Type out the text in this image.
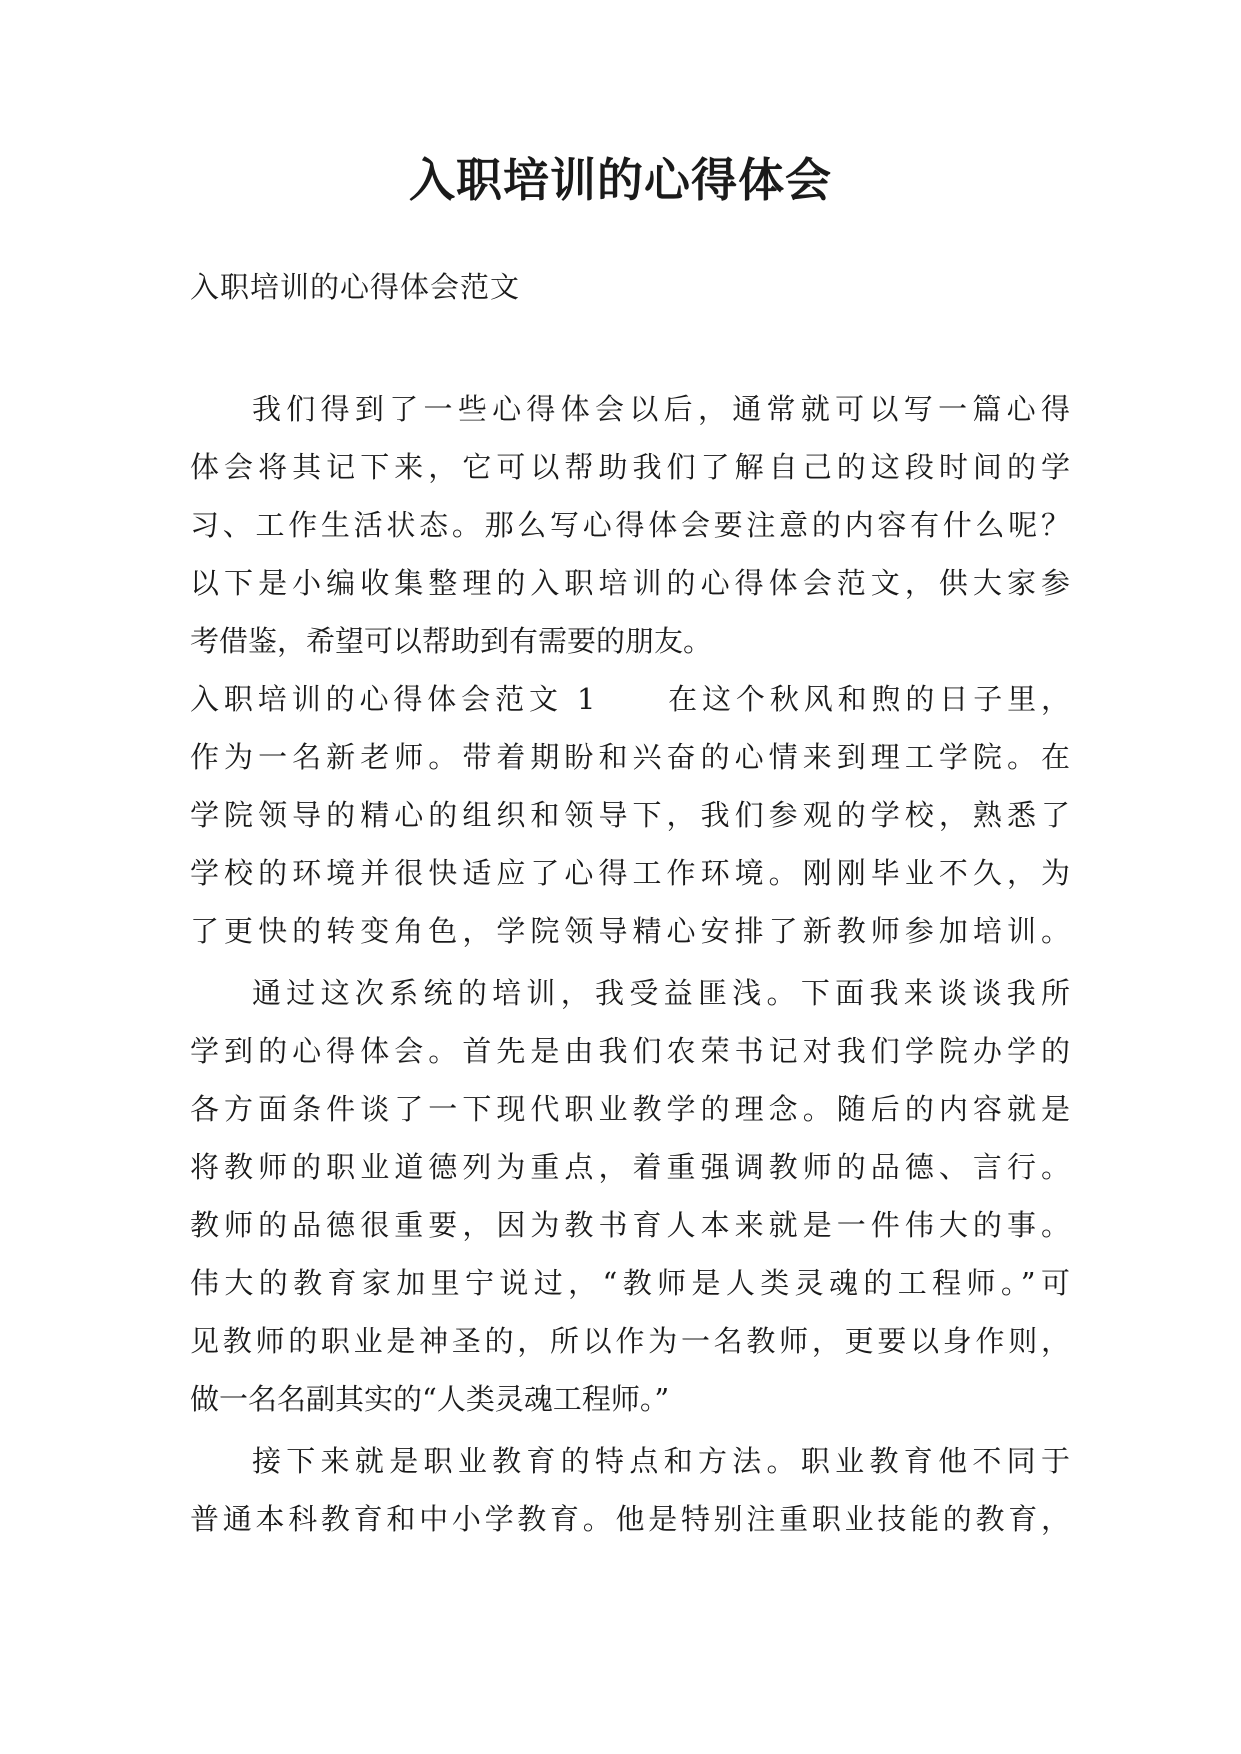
入职培训的心得体会

入职培训的心得体会范文

我们得到了一些心得体会以后，通常就可以写一篇心得

体会将其记下来，它可以帮助我们了解自己的这段时间的学

习、工作生活状态。那么写心得体会要注意的内容有什么呢？

以下是小编收集整理的入职培训的心得体会范文，供大家参

考借鉴，希望可以帮助到有需要的朋友。

入职培训的心得体会范文 1　　在这个秋风和煦的日子里，

作为一名新老师。带着期盼和兴奋的心情来到理工学院。在

学院领导的精心的组织和领导下，我们参观的学校，熟悉了

学校的环境并很快适应了心得工作环境。刚刚毕业不久，为

了更快的转变角色，学院领导精心安排了新教师参加培训。

通过这次系统的培训，我受益匪浅。下面我来谈谈我所

学到的心得体会。首先是由我们农荣书记对我们学院办学的

各方面条件谈了一下现代职业教学的理念。随后的内容就是

将教师的职业道德列为重点，着重强调教师的品德、言行。

教师的品德很重要，因为教书育人本来就是一件伟大的事。

伟大的教育家加里宁说过，“教师是人类灵魂的工程师。”可

见教师的职业是神圣的，所以作为一名教师，更要以身作则，

做一名名副其实的“人类灵魂工程师。”

接下来就是职业教育的特点和方法。职业教育他不同于

普通本科教育和中小学教育。他是特别注重职业技能的教育，
